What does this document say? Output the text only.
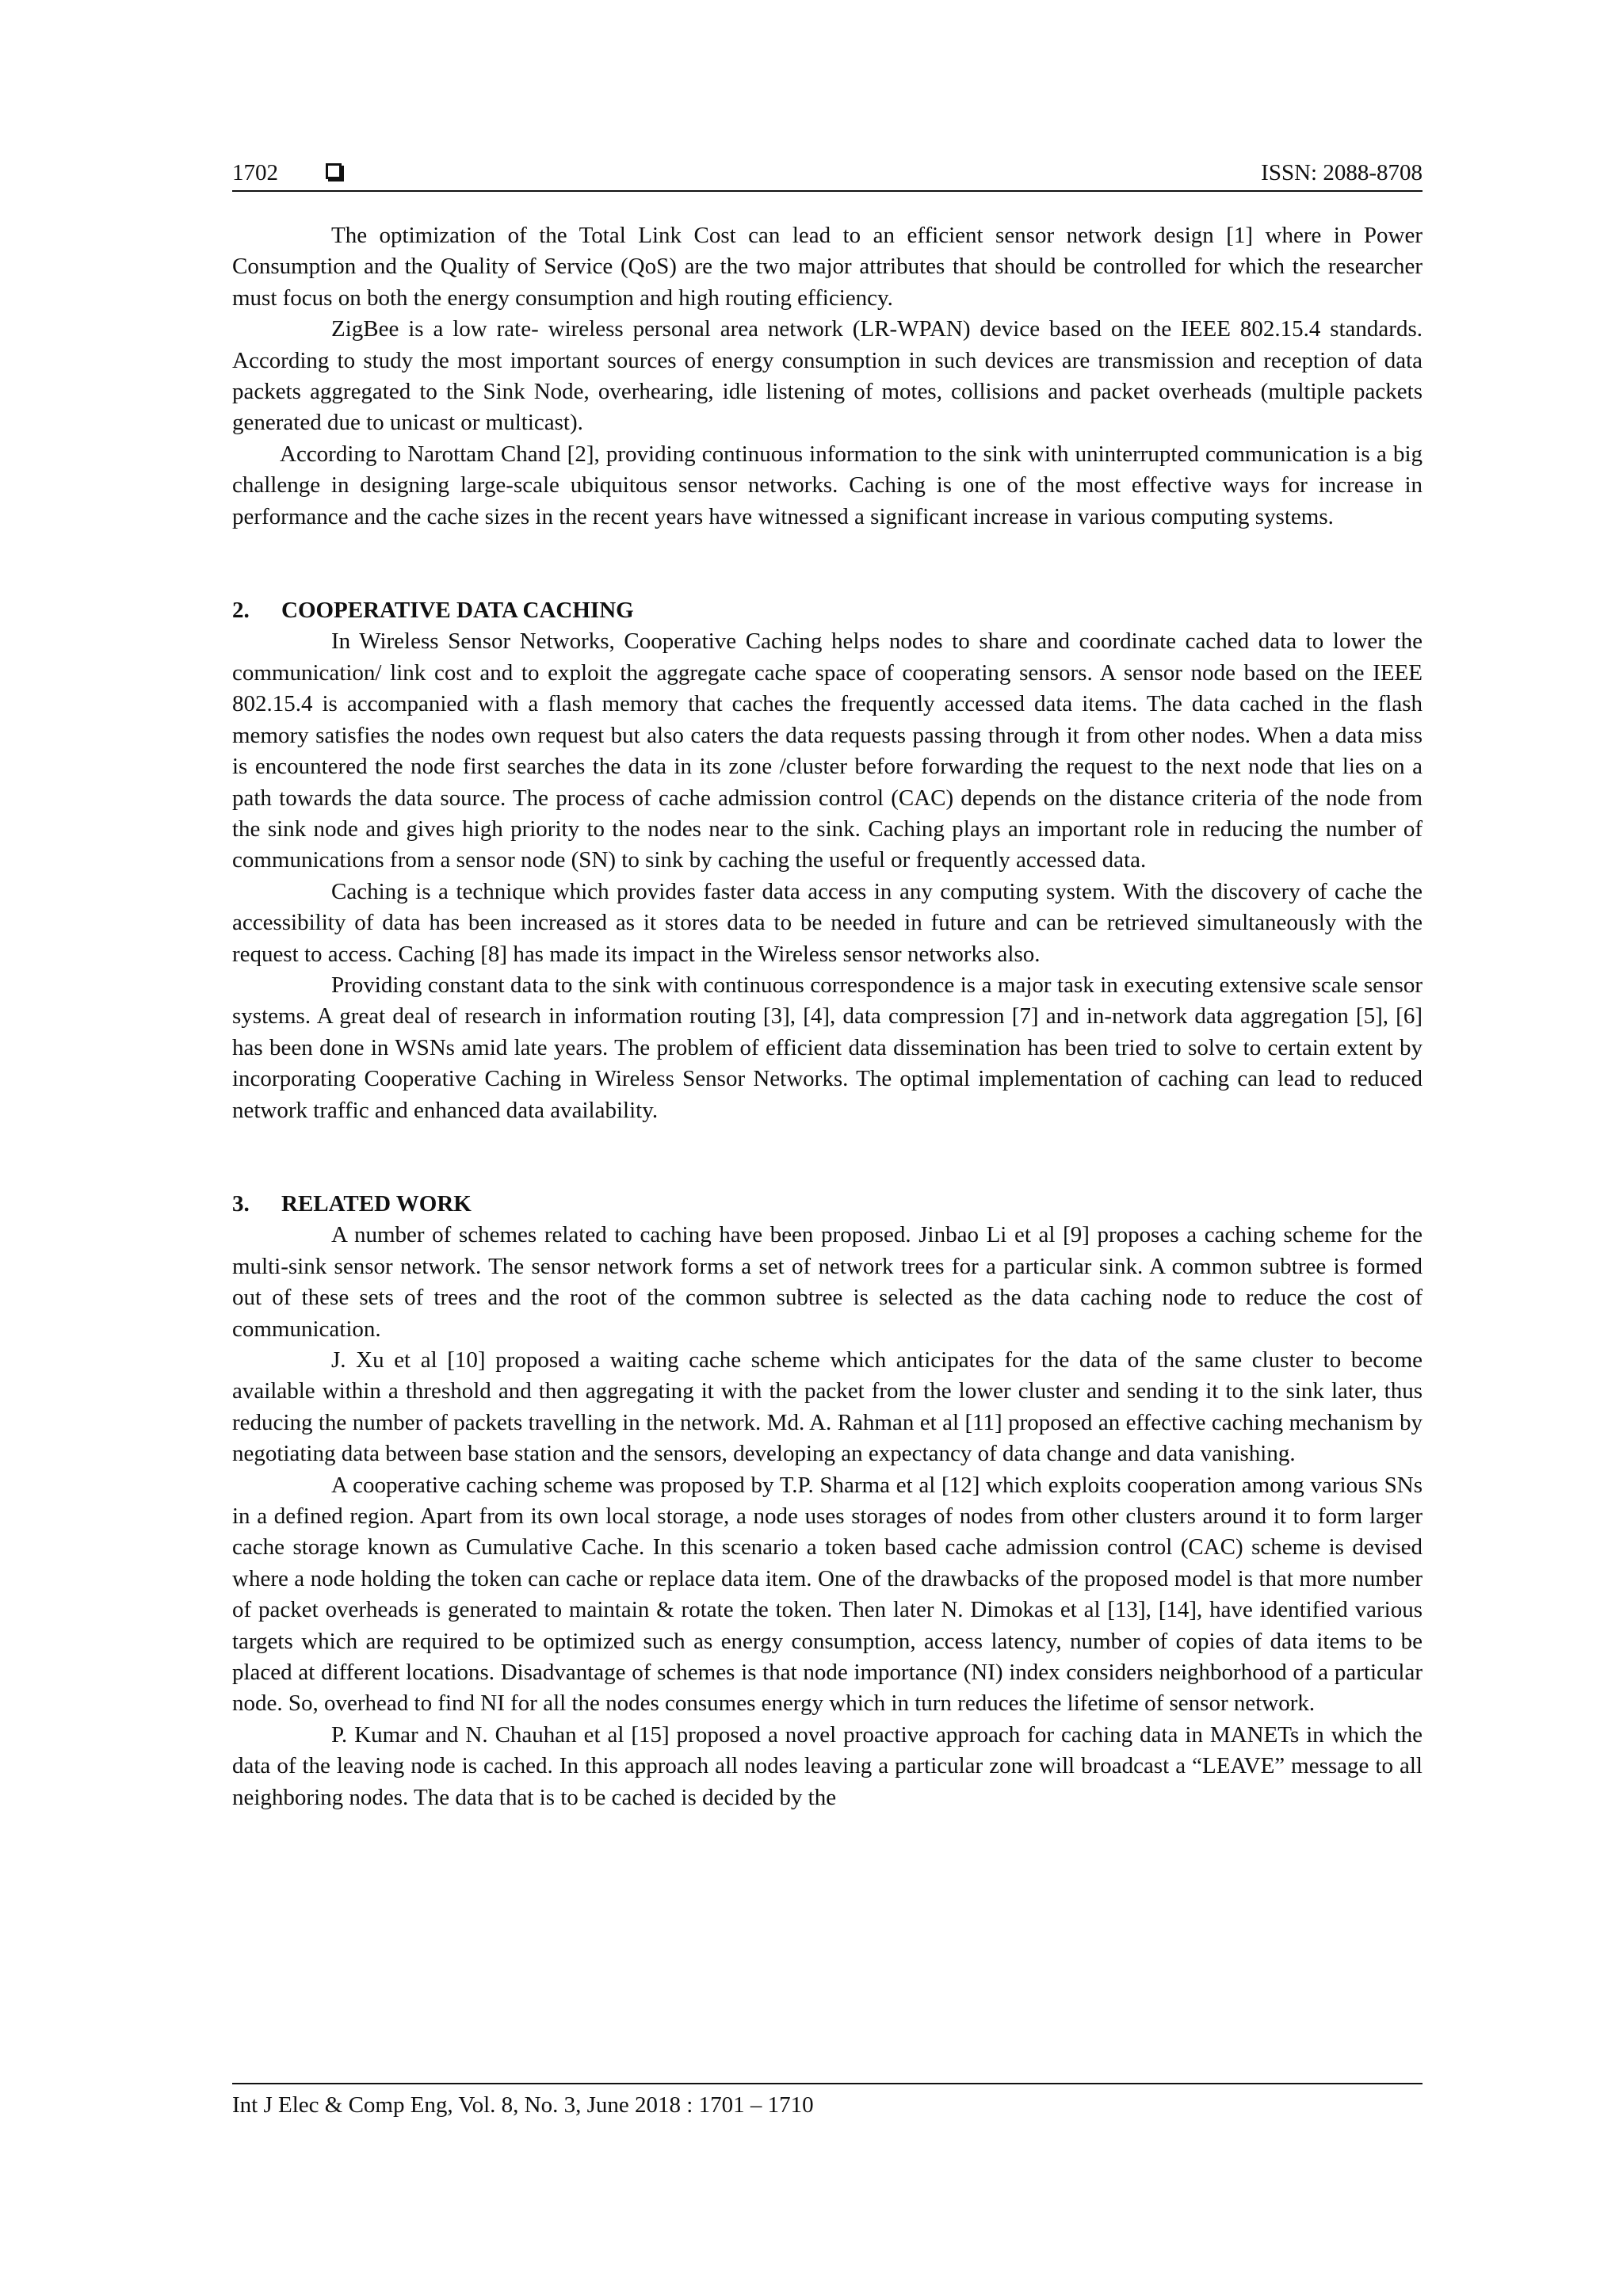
1702	ISSN: 2088-8708

The optimization of the Total Link Cost can lead to an efficient sensor network design [1] where in Power Consumption and the Quality of Service (QoS) are the two major attributes that should be controlled for which the researcher must focus on both the energy consumption and high routing efficiency.

ZigBee is a low rate- wireless personal area network (LR-WPAN) device based on the IEEE 802.15.4 standards. According to study the most important sources of energy consumption in such devices are transmission and reception of data packets aggregated to the Sink Node, overhearing, idle listening of motes, collisions and packet overheads (multiple packets generated due to unicast or multicast).

According to Narottam Chand [2], providing continuous information to the sink with uninterrupted communication is a big challenge in designing large-scale ubiquitous sensor networks. Caching is one of the most effective ways for increase in performance and the cache sizes in the recent years have witnessed a significant increase in various computing systems.

2. COOPERATIVE DATA CACHING

In Wireless Sensor Networks, Cooperative Caching helps nodes to share and coordinate cached data to lower the communication/ link cost and to exploit the aggregate cache space of cooperating sensors. A sensor node based on the IEEE 802.15.4 is accompanied with a flash memory that caches the frequently accessed data items. The data cached in the flash memory satisfies the nodes own request but also caters the data requests passing through it from other nodes. When a data miss is encountered the node first searches the data in its zone /cluster before forwarding the request to the next node that lies on a path towards the data source. The process of cache admission control (CAC) depends on the distance criteria of the node from the sink node and gives high priority to the nodes near to the sink. Caching plays an important role in reducing the number of communications from a sensor node (SN) to sink by caching the useful or frequently accessed data.

Caching is a technique which provides faster data access in any computing system. With the discovery of cache the accessibility of data has been increased as it stores data to be needed in future and can be retrieved simultaneously with the request to access. Caching [8] has made its impact in the Wireless sensor networks also.

Providing constant data to the sink with continuous correspondence is a major task in executing extensive scale sensor systems. A great deal of research in information routing [3], [4], data compression [7] and in-network data aggregation [5], [6] has been done in WSNs amid late years. The problem of efficient data dissemination has been tried to solve to certain extent by incorporating Cooperative Caching in Wireless Sensor Networks. The optimal implementation of caching can lead to reduced network traffic and enhanced data availability.

3. RELATED WORK

A number of schemes related to caching have been proposed. Jinbao Li et al [9] proposes a caching scheme for the multi-sink sensor network. The sensor network forms a set of network trees for a particular sink. A common subtree is formed out of these sets of trees and the root of the common subtree is selected as the data caching node to reduce the cost of communication.

J. Xu et al [10] proposed a waiting cache scheme which anticipates for the data of the same cluster to become available within a threshold and then aggregating it with the packet from the lower cluster and sending it to the sink later, thus reducing the number of packets travelling in the network. Md. A. Rahman et al [11] proposed an effective caching mechanism by negotiating data between base station and the sensors, developing an expectancy of data change and data vanishing.

A cooperative caching scheme was proposed by T.P. Sharma et al [12] which exploits cooperation among various SNs in a defined region. Apart from its own local storage, a node uses storages of nodes from other clusters around it to form larger cache storage known as Cumulative Cache. In this scenario a token based cache admission control (CAC) scheme is devised where a node holding the token can cache or replace data item. One of the drawbacks of the proposed model is that more number of packet overheads is generated to maintain & rotate the token. Then later N. Dimokas et al [13], [14], have identified various targets which are required to be optimized such as energy consumption, access latency, number of copies of data items to be placed at different locations. Disadvantage of schemes is that node importance (NI) index considers neighborhood of a particular node. So, overhead to find NI for all the nodes consumes energy which in turn reduces the lifetime of sensor network.

P. Kumar and N. Chauhan et al [15] proposed a novel proactive approach for caching data in MANETs in which the data of the leaving node is cached. In this approach all nodes leaving a particular zone will broadcast a “LEAVE” message to all neighboring nodes. The data that is to be cached is decided by the

Int J Elec & Comp Eng, Vol. 8, No. 3, June 2018 : 1701 – 1710
